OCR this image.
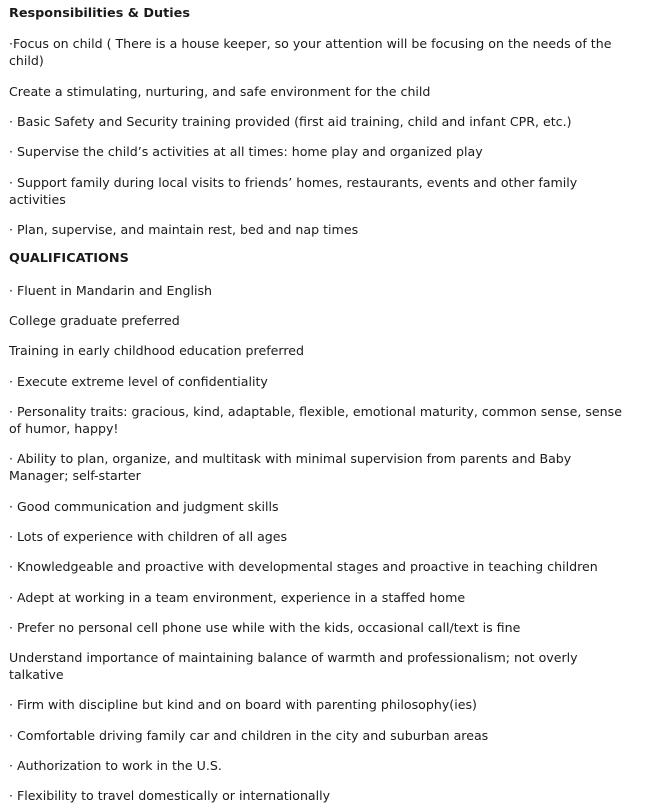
Responsibilities & Duties

·Focus on child ( There is a house keeper, so your attention will be focusing on the needs of the child)

Create a stimulating, nurturing, and safe environment for the child

· Basic Safety and Security training provided (first aid training, child and infant CPR, etc.)

· Supervise the child’s activities at all times: home play and organized play

· Support family during local visits to friends’ homes, restaurants, events and other family activities

· Plan, supervise, and maintain rest, bed and nap times

QUALIFICATIONS

· Fluent in Mandarin and English

College graduate preferred

Training in early childhood education preferred

· Execute extreme level of confidentiality

· Personality traits: gracious, kind, adaptable, flexible, emotional maturity, common sense, sense of humor, happy!

· Ability to plan, organize, and multitask with minimal supervision from parents and Baby Manager; self-starter

· Good communication and judgment skills

· Lots of experience with children of all ages

· Knowledgeable and proactive with developmental stages and proactive in teaching children

· Adept at working in a team environment, experience in a staffed home

· Prefer no personal cell phone use while with the kids, occasional call/text is fine

Understand importance of maintaining balance of warmth and professionalism; not overly talkative

· Firm with discipline but kind and on board with parenting philosophy(ies)

· Comfortable driving family car and children in the city and suburban areas

· Authorization to work in the U.S.

· Flexibility to travel domestically or internationally
